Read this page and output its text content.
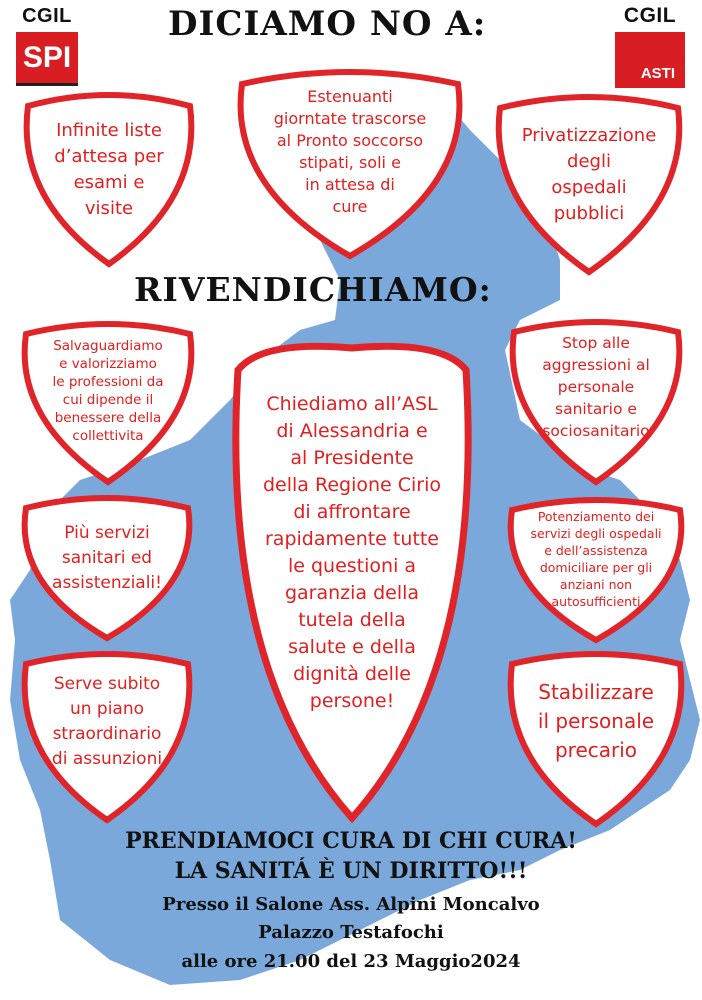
CGIL
SPI
CGIL
ASTI
DICIAMO NO A:
RIVENDICHIAMO:
Infinite liste
d’attesa per
esami e
visite
Estenuanti
giorntate trascorse
al Pronto soccorso
stipati, soli e
in attesa di
cure
Privatizzazione
degli
ospedali
pubblici
Salvaguardiamo
e valorizziamo
le professioni da
cui dipende il
benessere della
collettivita
Stop alle
aggressioni al
personale
sanitario e
sociosanitario
Chiediamo all’ASL
di Alessandria e
al Presidente
della Regione Cirio
di affrontare
rapidamente tutte
le questioni a
garanzia della
tutela della
salute e della
dignità delle
persone!
Più servizi
sanitari ed
assistenziali!
Potenziamento dei
servizi degli ospedali
e dell’assistenza
domiciliare per gli
anziani non
autosufficienti
Serve subito
un piano
straordinario
di assunzioni
Stabilizzare
il personale
precario

PRENDIAMOCI CURA DI CHI CURA!

LA SANITÁ È UN DIRITTO!!!

Presso il Salone Ass. Alpini Moncalvo

Palazzo Testafochi

alle ore 21.00 del 23 Maggio2024
